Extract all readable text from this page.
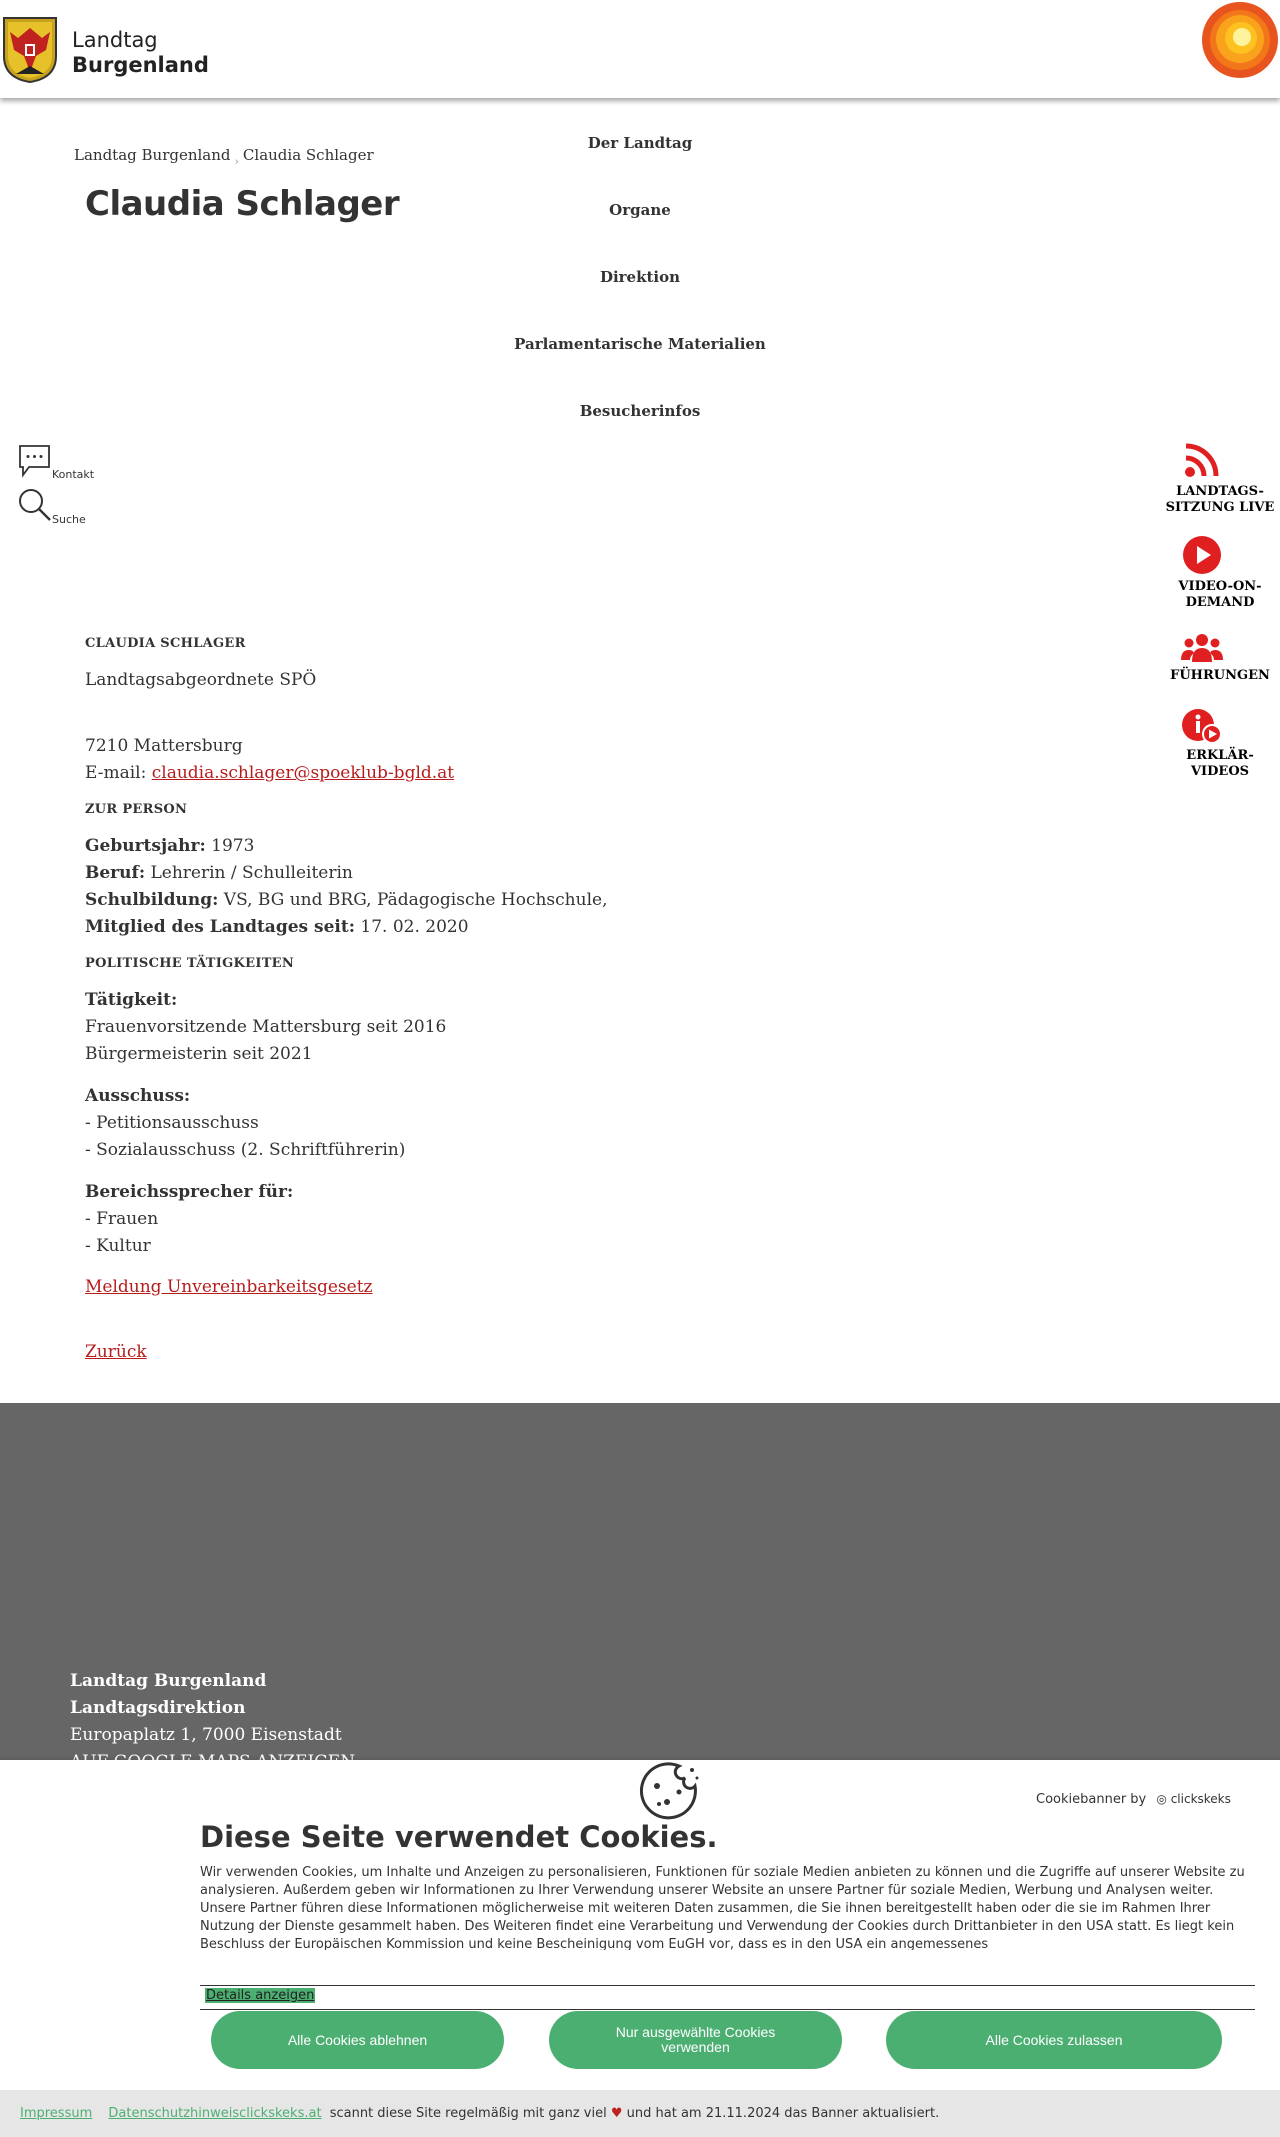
Landtag
Burgenland
Landtag Burgenland $_›$ Claudia Schlager
Claudia Schlager
Der Landtag
Organe
Direktion
Parlamentarische Materialien
Besucherinfos
Kontakt
Suche
LANDTAGS-
SITZUNG LIVE
VIDEO-ON-
DEMAND
FÜHRUNGEN
ERKLÄR-
VIDEOS
CLAUDIA SCHLAGER
Landtagsabgeordnete SPÖ
7210 Mattersburg
E-mail: claudia.schlager@spoeklub-bgld.at
ZUR PERSON
Geburtsjahr: 1973
Beruf: Lehrerin / Schulleiterin
Schulbildung: VS, BG und BRG, Pädagogische Hochschule,
Mitglied des Landtages seit: 17. 02. 2020
POLITISCHE TÄTIGKEITEN
Tätigkeit:
Frauenvorsitzende Mattersburg seit 2016
Bürgermeisterin seit 2021
Ausschuss:
- Petitionsausschuss
- Sozialausschuss (2. Schriftführerin)
Bereichssprecher für:
- Frauen
- Kultur
Meldung Unvereinbarkeitsgesetz
Zurück
Landtag Burgenland
Landtagsdirektion
Europaplatz 1, 7000 Eisenstadt
Cookiebanner by ◎ clickskeks
Diese Seite verwendet Cookies.
Wir verwenden Cookies, um Inhalte und Anzeigen zu personalisieren, Funktionen für soziale Medien anbieten zu können und die Zugriffe auf unserer Website zu analysieren. Außerdem geben wir Informationen zu Ihrer Verwendung unserer Website an unsere Partner für soziale Medien, Werbung und Analysen weiter. Unsere Partner führen diese Informationen möglicherweise mit weiteren Daten zusammen, die Sie ihnen bereitgestellt haben oder die sie im Rahmen Ihrer Nutzung der Dienste gesammelt haben. Des Weiteren findet eine Verarbeitung und Verwendung der Cookies durch Drittanbieter in den USA statt. Es liegt kein Beschluss der Europäischen Kommission und keine Bescheinigung vom EuGH vor, dass es in den USA ein angemessenes
Details anzeigen
Alle Cookies ablehnen	Nur ausgewählte Cookies
verwenden	Alle Cookies zulassen
Impressum Datenschutzhinweisclickskeks.at scannt diese Site regelmäßig mit ganz viel ♥ und hat am 21.11.2024 das Banner aktualisiert.
